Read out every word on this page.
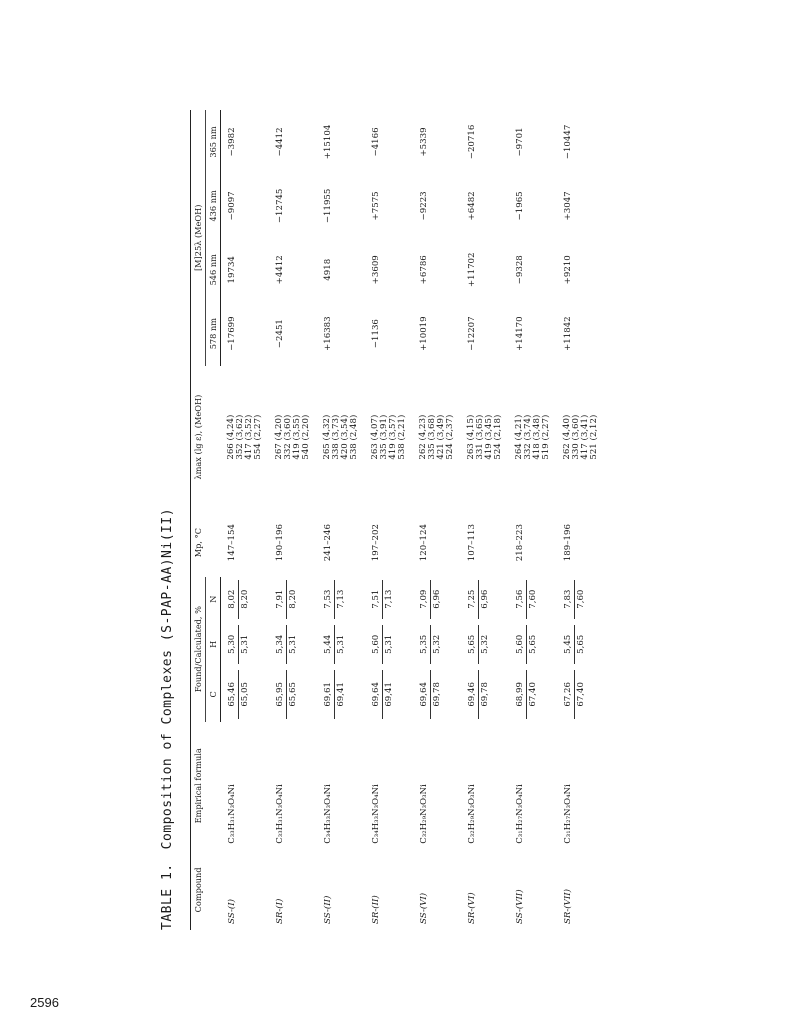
TABLE 1.Composition of Complexes (S-PAP-AA)Ni(II)
Compound	Empirical formula	Found/Calculated, %			Mp, °C	λmax (lg ε), (MeOH)	[M]25λ (MeOH)			
		C	H	N			578 nm	546 nm	436 nm	365 nm
SS-(I)	C₃₃H₃₁N₃O₄Ni	65,46 65,05	5,30 5,31	8,02 8,20	147–154	266 (4,24) 352 (3,62) 417 (3,52) 554 (2,27)	−17699	19734	−9097	−3982
SR-(I)	C₃₃H₃₁N₃O₄Ni	65,95 65,65	5,34 5,31	7,91 8,20	190–196	267 (4,20) 332 (3,60) 419 (3,55) 540 (2,20)	−2451	+4412	−12745	−4412
SS-(II)	C₃₄H₃₃N₃O₄Ni	69,61 69,41	5,44 5,31	7,53 7,13	241–246	265 (4,32) 338 (3,73) 420 (3,54) 538 (2,48)	+16383	4918	−11955	+15104
SR-(II)	C₃₄H₃₃N₃O₄Ni	69,64 69,41	5,60 5,31	7,51 7,13	197–202	263 (4,07) 335 (3,91) 419 (3,57) 538 (2,21)	−1136	+3609	+7575	−4166
SS-(VI)	C₃₂H₂₉N₃O₃Ni	69,64 69,78	5,35 5,32	7,09 6,96	120–124	262 (4,23) 335 (3,68) 421 (3,49) 524 (2,37)	+10019	+6786	−9223	+5339
SR-(VI)	C₃₂H₂₉N₃O₃Ni	69,46 69,78	5,65 5,32	7,25 6,96	107–113	263 (4,15) 331 (3,65) 419 (3,45) 524 (2,18)	−12207	+11702	+6482	−20716
SS-(VII)	C₃₁H₂₇N₃O₄Ni	68,99 67,40	5,60 5,65	7,56 7,60	218–223	264 (4,21) 332 (3,74) 418 (3,48) 519 (2,27)	+14170	−9328	−1965	−9701
SR-(VII)	C₃₁H₂₇N₃O₄Ni	67,26 67,40	5,45 5,65	7,83 7,60	189–196	262 (4,40) 330 (3,60) 417 (3,41) 521 (2,12)	+11842	+9210	+3047	−10447
2596
